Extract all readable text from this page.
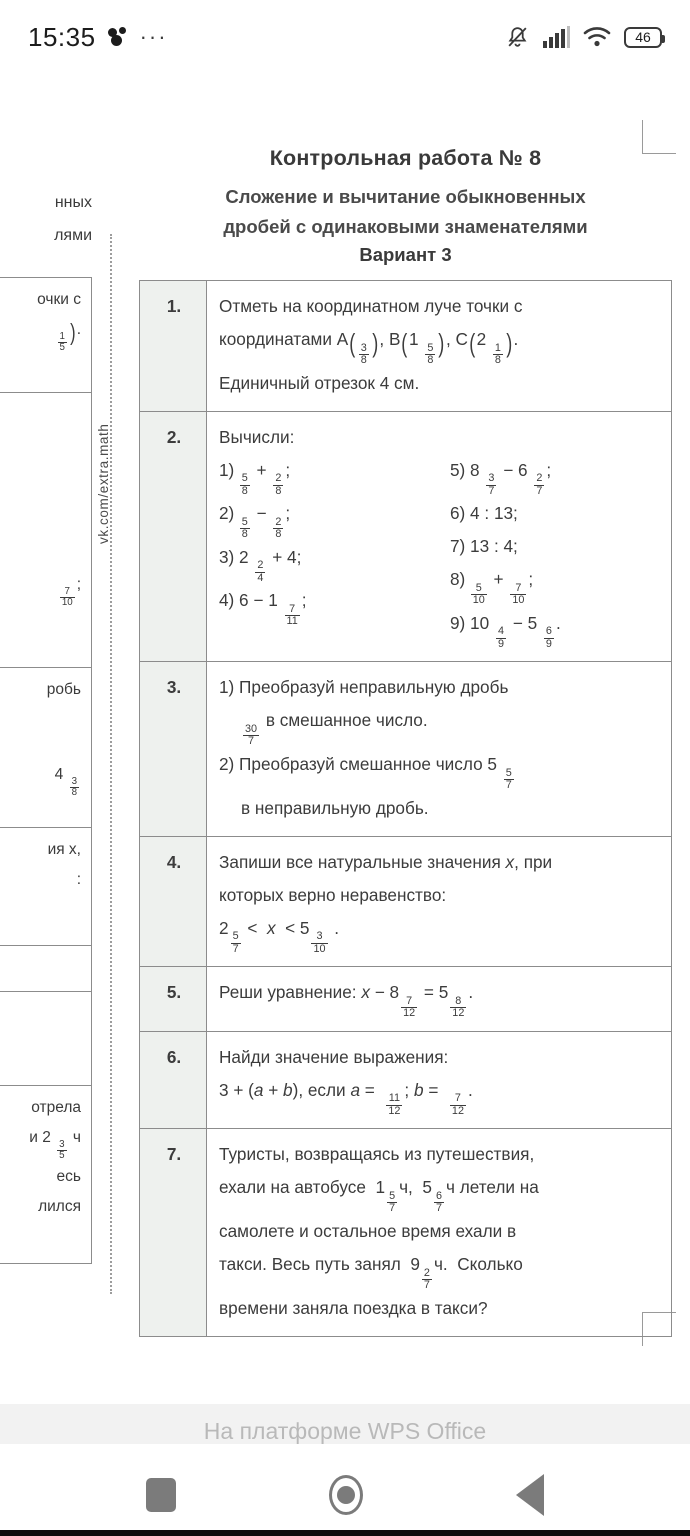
15:35 ···	46
нных
лями
очки с
$\frac{1}{5}$ ).
$\frac{7}{10}$
;
робь
4
$\frac{3}{8}$
ия x,
:
отрела
и 2
$\frac{3}{5}$
ч
есь
лился
vk.com/extra.math
Контрольная работа № 8
Сложение и вычитание обыкновенных
дробей с одинаковыми знаменателями
Вариант 3
1.	Отметь на координатном луче точки с
координатами $A( \frac{3}{8}$ ), B(1
$\frac{5}{8}$ ), C(2
$\frac{1}{8}$ ).
Единичный отрезок 4 см.

2.	Вычисли:
1) 
$\frac{5}{8}$
+
$\frac{2}{8}$
;
2) 
$\frac{5}{8}$
−
$\frac{2}{8}$
;
3) 2
$\frac{2}{4}$
+ 4;
4) 6 − 1
$\frac{7}{11}$
;
5) 8
$\frac{3}{7}$
− 6
$\frac{2}{7}$
;
6) 4 : 13;
7) 13 : 4;
8) 
$\frac{5}{10}$
+
$\frac{7}{10}$
;
9) 10
$\frac{4}{9}$
− 5
$\frac{6}{9}$
.

3.	1) Преобразуй неправильную дробь
$\frac{30}{7}$
в смешанное число.
2) Преобразуй смешанное число 5
$\frac{5}{7}$
в неправильную дробь.

4.	Запиши все натуральные значения x, при
которых верно неравенство:
2
$\frac{5}{7}$
<  x  < 5
$\frac{3}{10}$
.

5.	Реши уравнение: x − 8
$\frac{7}{12}$
= 5
$\frac{8}{12}$
.

6.	Найди значение выражения:
3 + (a + b), если a =
$\frac{11}{12}$
; b =
$\frac{7}{12}$
.

7.	Туристы, возвращаясь из путешествия,
ехали на автобусе  1
$\frac{5}{7}$
ч,  5
$\frac{6}{7}$
ч летели на
самолете и остальное время ехали в
такси. Весь путь занял  9
$\frac{2}{7}$
ч.  Сколько
времени заняла поездка в такси?
На платформе WPS Office
